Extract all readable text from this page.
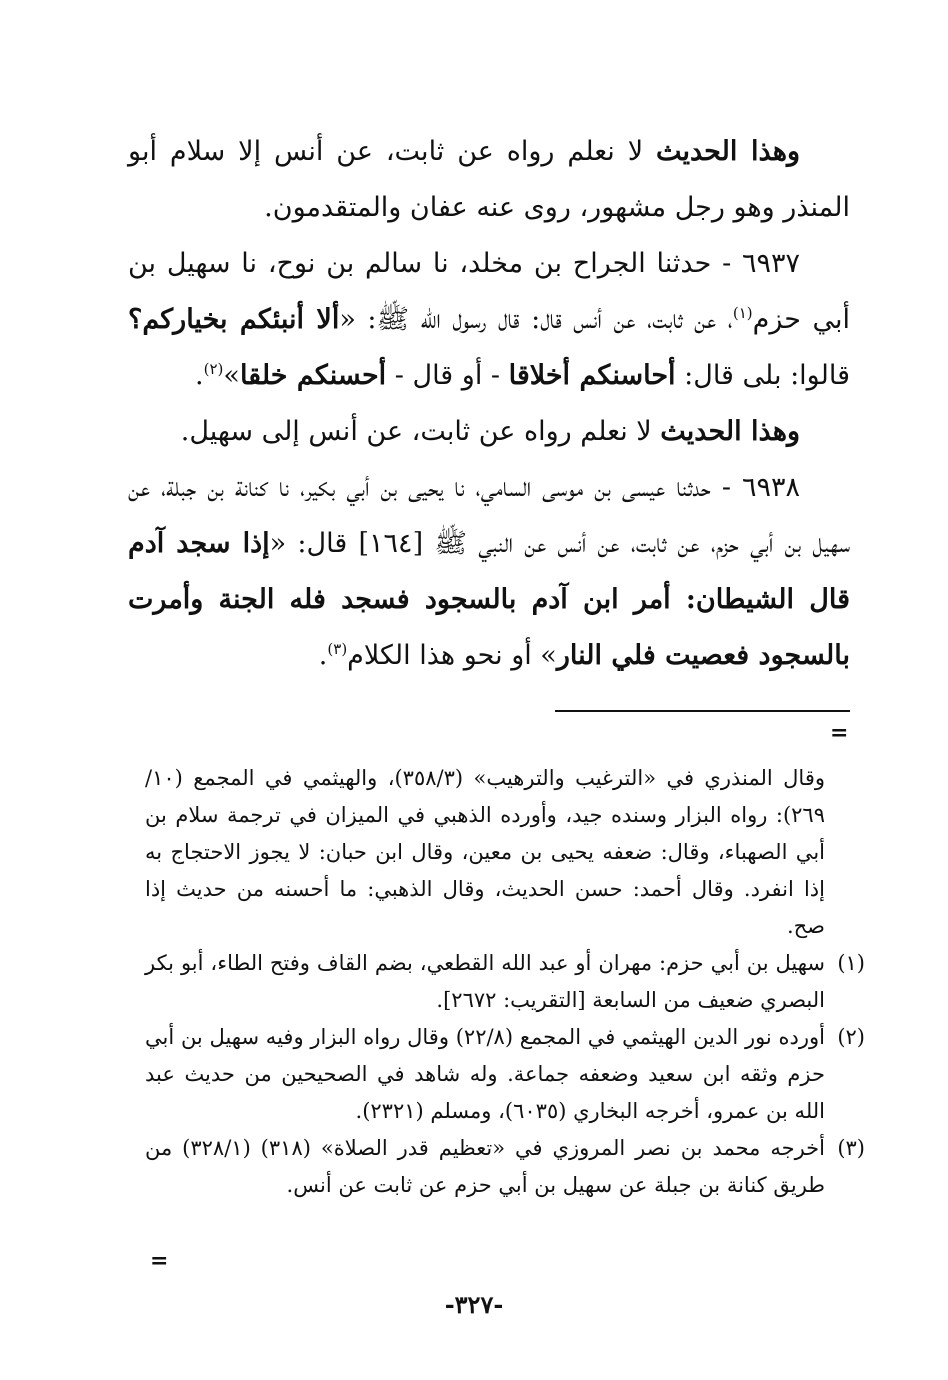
وهذا الحديث لا نعلم رواه عن ثابت، عن أنس إلا سلام أبو المنذر وهو رجل مشهور، روى عنه عفان والمتقدمون.

٦٩٣٧ - حدثنا الجراح بن مخلد، نا سالم بن نوح، نا سهيل بن أبي حزم$^{(١)}$، عن ثابت، عن أنس قال: قال رسول الله ﷺ: «ألا أنبئكم بخياركم؟ قالوا: بلى قال: أحاسنكم أخلاقا - أو قال - أحسنكم خلقا»$^{(٢)}$.

وهذا الحديث لا نعلم رواه عن ثابت، عن أنس إلى سهيل.

٦٩٣٨ - حدثنا عيسى بن موسى السامي، نا يحيى بن أبي بكير، نا كنانة بن جبلة، عن سهيل بن أبي حزم، عن ثابت، عن أنس عن النبي ﷺ [١٦٤] قال: «إذا سجد آدم قال الشيطان: أمر ابن آدم بالسجود فسجد فله الجنة وأمرت بالسجود فعصيت فلي النار» أو نحو هذا الكلام$^{(٣)}$.

=

وقال المنذري في «الترغيب والترهيب» (٣٥٨/٣)، والهيثمي في المجمع (١٠/ ٢٦٩): رواه البزار وسنده جيد، وأورده الذهبي في الميزان في ترجمة سلام بن أبي الصهباء، وقال: ضعفه يحيى بن معين، وقال ابن حبان: لا يجوز الاحتجاج به إذا انفرد. وقال أحمد: حسن الحديث، وقال الذهبي: ما أحسنه من حديث إذا صح.

(١)
سهيل بن أبي حزم: مهران أو عبد الله القطعي، بضم القاف وفتح الطاء، أبو بكر البصري ضعيف من السابعة [التقريب: ٢٦٧٢].
(٢)
أورده نور الدين الهيثمي في المجمع (٢٢/٨) وقال رواه البزار وفيه سهيل بن أبي حزم وثقه ابن سعيد وضعفه جماعة. وله شاهد في الصحيحين من حديث عبد الله بن عمرو، أخرجه البخاري (٦٠٣٥)، ومسلم (٢٣٢١).
(٣)
أخرجه محمد بن نصر المروزي في «تعظيم قدر الصلاة» (٣١٨) (٣٢٨/١) من طريق كنانة بن جبلة عن سهيل بن أبي حزم عن ثابت عن أنس.
=
-٣٢٧-
